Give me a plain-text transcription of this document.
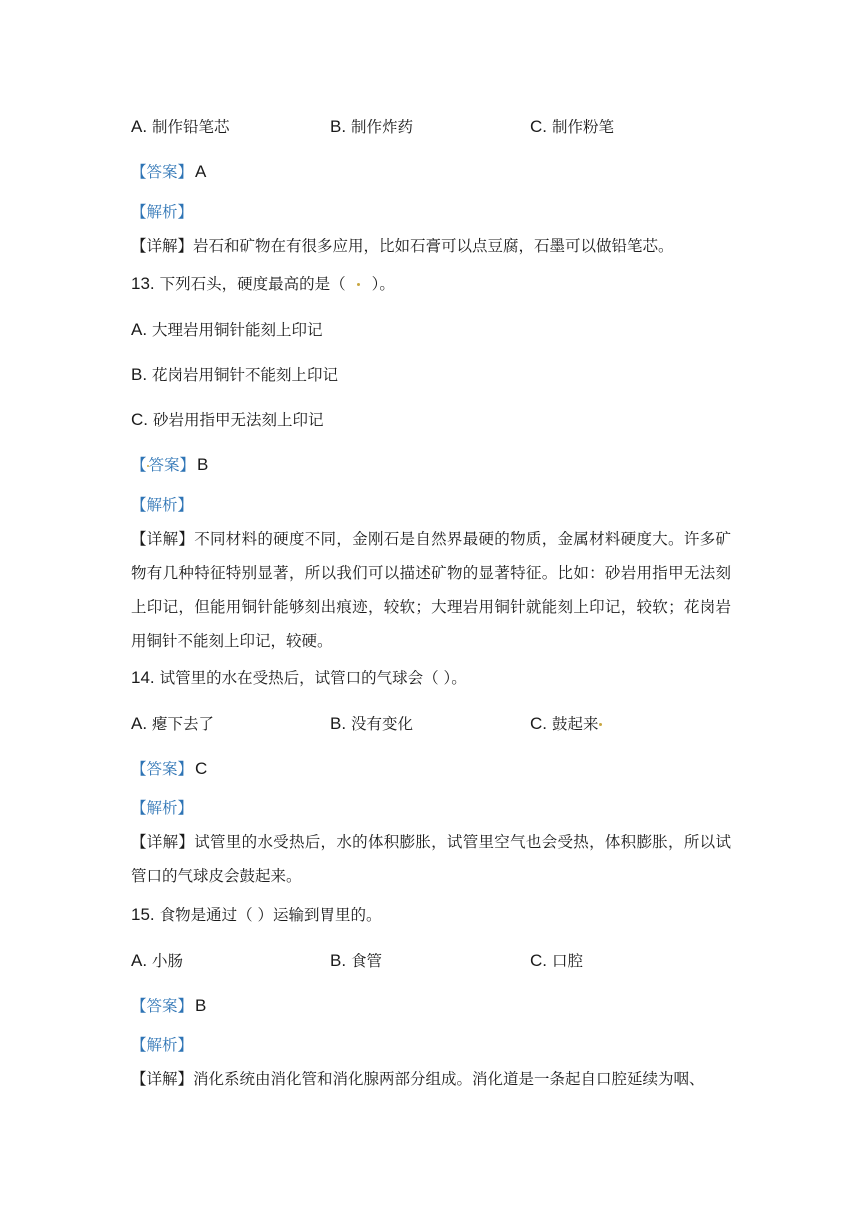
A. 制作铅笔芯	B. 制作炸药	C. 制作粉笔
【答案】 A
【解析】
【详解】岩石和矿物在有很多应用，比如石膏可以点豆腐，石墨可以做铅笔芯。
13. 下列石头，硬度最高的是（ ）。
A. 大理岩用铜针能刻上印记
B. 花岗岩用铜针不能刻上印记
C. 砂岩用指甲无法刻上印记
【 答案】 B
【解析】
【详解】不同材料的硬度不同，金刚石是自然界最硬的物质，金属材料硬度大。许多矿物有几种特征特别显著，所以我们可以描述矿物的显著特征。比如：砂岩用指甲无法刻上印记，但能用铜针能够刻出痕迹，较软；大理岩用铜针就能刻上印记，较软；花岗岩用铜针不能刻上印记，较硬。
14. 试管里的水在受热后，试管口的气球会（ ）。
A. 瘪下去了	B. 没有变化	C. 鼓起来
【答案】 C
【解析】
【详解】试管里的水受热后，水的体积膨胀，试管里空气也会受热，体积膨胀，所以试管口的气球皮会鼓起来。
15. 食物是通过（ ）运输到胃里的。
A. 小肠	B. 食管	C. 口腔
【答案】 B
【解析】
【详解】消化系统由消化管和消化腺两部分组成。消化道是一条起自口腔延续为咽、
